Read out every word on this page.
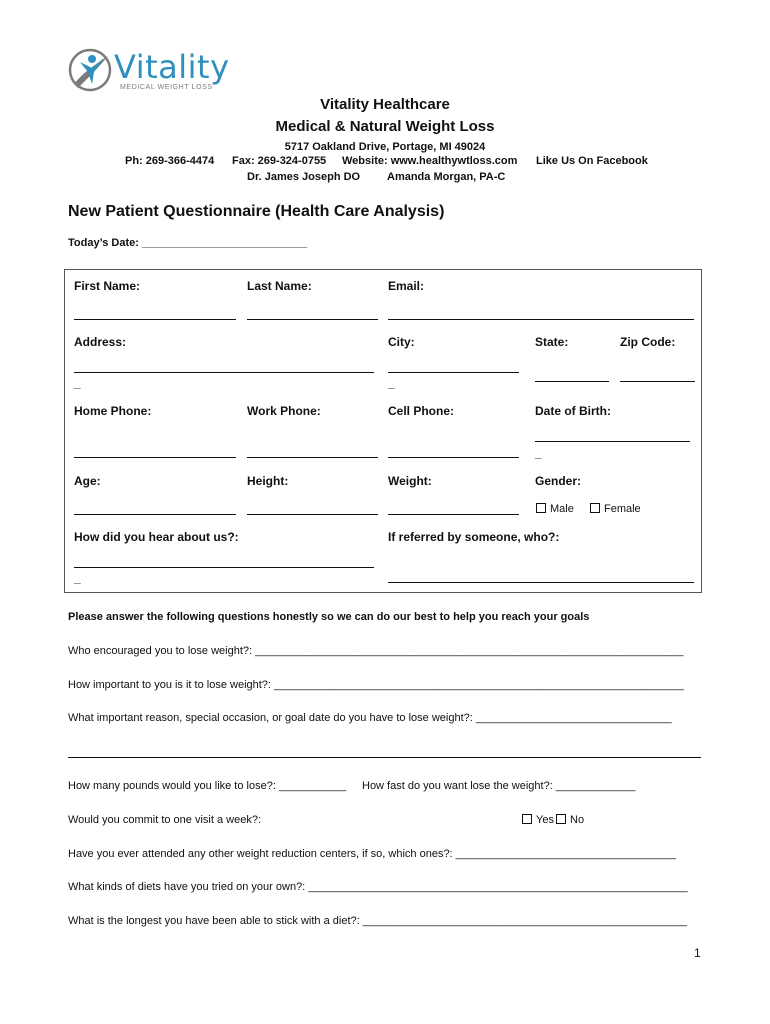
Vitality
MEDICAL WEIGHT LOSS
Vitality Healthcare
Medical & Natural Weight Loss
5717 Oakland Drive, Portage, MI 49024
Ph: 269-366-4474 Fax: 269-324-0755 Website: www.healthywtloss.com Like Us On Facebook
Dr. James Joseph DO Amanda Morgan, PA-C
New Patient Questionnaire (Health Care Analysis)
Today’s Date: ___________________________
First Name:	Last Name:	Email:
Address:	City:	State:	Zip Code:
_	_
Home Phone:	Work Phone:	Cell Phone:	Date of Birth:
_
Age:	Height:	Weight:	Gender:
Male	Female
How did you hear about us?:	If referred by someone, who?:
_
Please answer the following questions honestly so we can do our best to help you reach your goals
Who encouraged you to lose weight?: ______________________________________________________________________
How important to you is it to lose weight?: ___________________________________________________________________
What important reason, special occasion, or goal date do you have to lose weight?: ________________________________
How many pounds would you like to lose?: ___________ How fast do you want lose the weight?: _____________
Would you commit to one visit a week?:	Yes	No
Have you ever attended any other weight reduction centers, if so, which ones?: ____________________________________
What kinds of diets have you tried on your own?: ______________________________________________________________
What is the longest you have been able to stick with a diet?: _____________________________________________________
1
